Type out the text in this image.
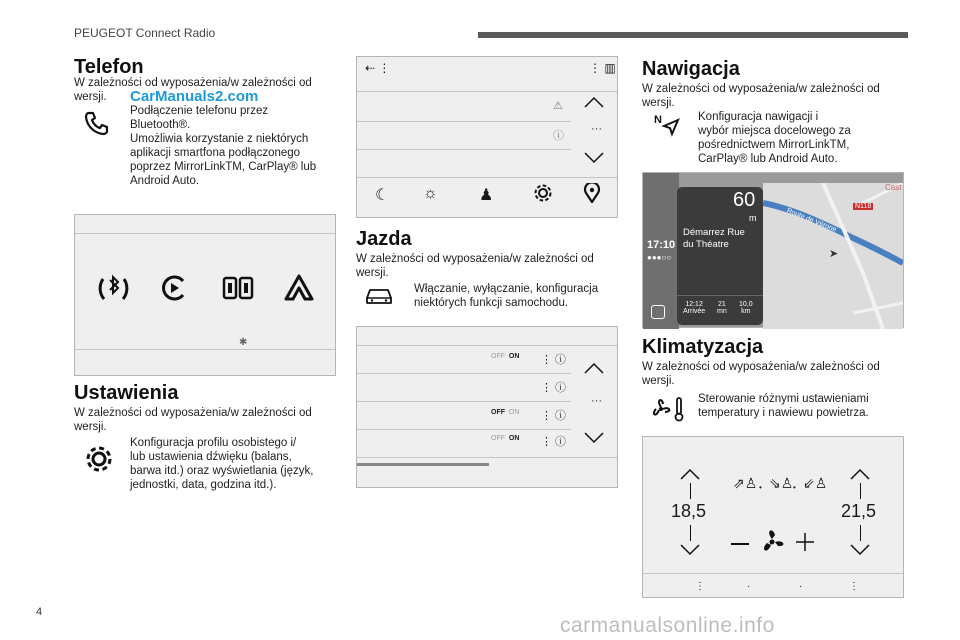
PEUGEOT Connect Radio
Telefon
W zależności od wyposażenia/w zależności od wersji.
Podłączenie telefonu przez
Bluetooth®.
Umożliwia korzystanie z niektórych
aplikacji smartfona podłączonego
poprzez MirrorLinkTM, CarPlay® lub
Android Auto.
CarManuals2.com
✱
Ustawienia
W zależności od wyposażenia/w zależności od wersji.
Konfiguracja profilu osobistego i/
lub ustawienia dźwięku (balans,
barwa itd.) oraz wyświetlania (język,
jednostki, data, godzina itd.).
⇠ ⋮	⋮ ▥
⚠
ⓘ
···
☾ ☼	♟
Jazda
W zależności od wyposażenia/w zależności od wersji.
Włączanie, wyłączanie, konfiguracja
niektórych funkcji samochodu.
OFF ON ⋮ ⓘ
⋮ ⓘ
OFF ON ⋮ ⓘ
OFF ON ⋮ ⓘ
···
Nawigacja
W zależności od wyposażenia/w zależności od wersji.
N	Konfiguracja nawigacji i
wybór miejsca docelowego za
pośrednictwem MirrorLinkTM,
CarPlay® lub Android Auto.
17:10
●●●○○
N118
Cast
Route de Vérone
➤
60
m
Démarrez Rue du Théatre
12:12
Arrivée
21
mn
10,0
km
Klimatyzacja
W zależności od wyposażenia/w zależności od wersji.
Sterowanie różnymi ustawieniami
temperatury i nawiewu powietrza.
18,5	21,5
⇗♙ • ⇘♙ • ⇙♙
⋮	·	·	⋮
4
carmanualsonline.info
